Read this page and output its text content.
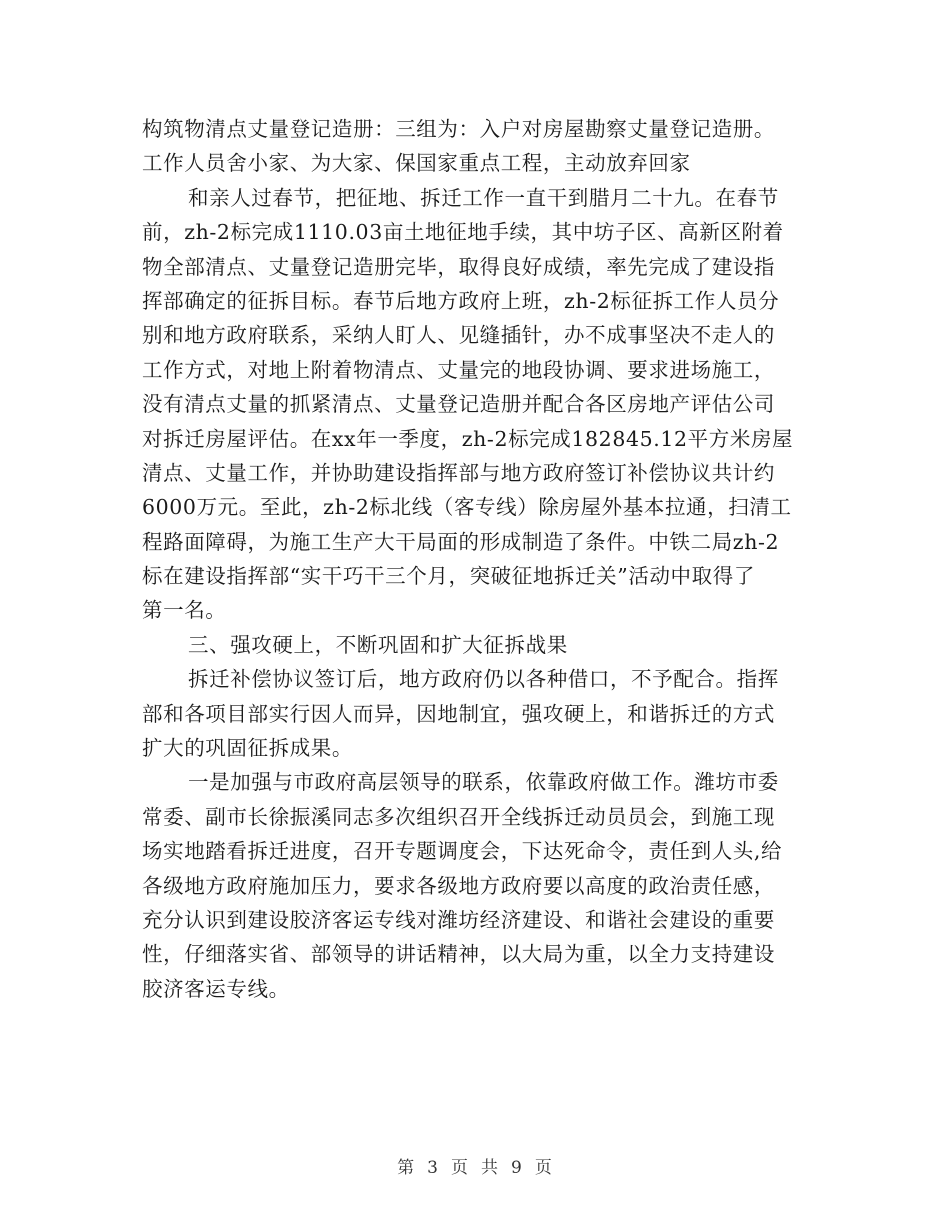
构筑物清点丈量登记造册：三组为：入户对房屋勘察丈量登记造册。
工作人员舍小家、为大家、保国家重点工程，主动放弃回家
和亲人过春节，把征地、拆迁工作一直干到腊月二十九。在春节
前，zh-2标完成1110.03亩土地征地手续，其中坊子区、高新区附着
物全部清点、丈量登记造册完毕，取得良好成绩，率先完成了建设指
挥部确定的征拆目标。春节后地方政府上班，zh-2标征拆工作人员分
别和地方政府联系，采纳人盯人、见缝插针，办不成事坚决不走人的
工作方式，对地上附着物清点、丈量完的地段协调、要求进场施工，
没有清点丈量的抓紧清点、丈量登记造册并配合各区房地产评估公司
对拆迁房屋评估。在xx年一季度，zh-2标完成182845.12平方米房屋
清点、丈量工作，并协助建设指挥部与地方政府签订补偿协议共计约
6000万元。至此，zh-2标北线（客专线）除房屋外基本拉通，扫清工
程路面障碍，为施工生产大干局面的形成制造了条件。中铁二局zh-2
标在建设指挥部“实干巧干三个月，突破征地拆迁关”活动中取得了
第一名。
三、强攻硬上，不断巩固和扩大征拆战果
拆迁补偿协议签订后，地方政府仍以各种借口，不予配合。指挥
部和各项目部实行因人而异，因地制宜，强攻硬上，和谐拆迁的方式
扩大的巩固征拆成果。
一是加强与市政府高层领导的联系，依靠政府做工作。潍坊市委
常委、副市长徐振溪同志多次组织召开全线拆迁动员员会，到施工现
场实地踏看拆迁进度，召开专题调度会，下达死命令，责任到人头,给
各级地方政府施加压力，要求各级地方政府要以高度的政治责任感，
充分认识到建设胶济客运专线对潍坊经济建设、和谐社会建设的重要
性，仔细落实省、部领导的讲话精神，以大局为重，以全力支持建设
胶济客运专线。
第 3 页 共 9 页
